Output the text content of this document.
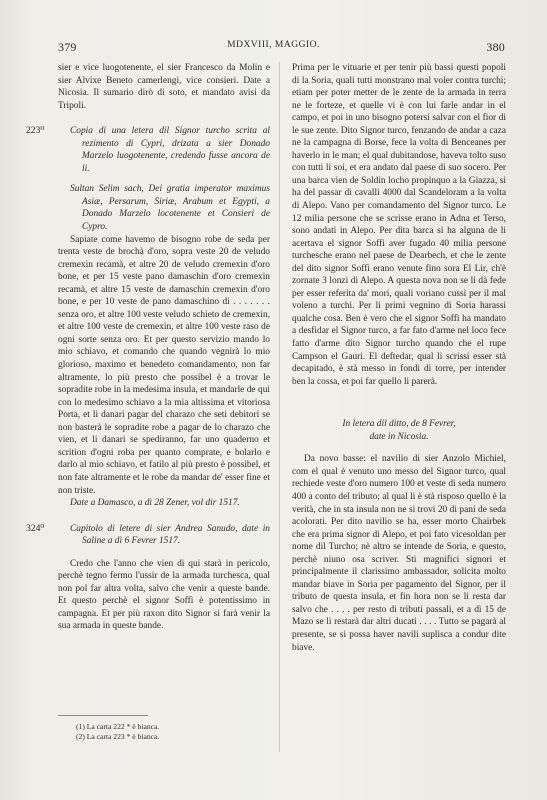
379	MDXVIII, MAGGIO.	380

sier e vice luogotenente, el sier Francesco da Molin e sier Alvixe Beneto camerlengi, vice consieri. Date a Nicosia. Il sumario dirò di soto, et mandato avisi da Tripoli.

223⁰	Copia di una letera dil Signor turcho scrita al rezimento di Cypri, drizata a sier Donado Marzelo luogotenente, credendo fusse ancora de li.

Sultan Selim sach, Dei gratia imperator maximus Asiæ, Persarum, Siriæ, Arabum et Egypti, a Donado Marzelo locotenente et Consieri de Cypro.

Sapiate come havemo de bisogno robe de seda per trenta veste de brochà d'oro, sopra veste 20 de veludo cremexin recamà, et altre 20 de veludo cremexin d'oro bone, et per 15 veste pano damaschin d'oro cremexin recamà, et altre 15 veste de damaschin cremexin d'oro bone, e per 10 veste de pano damaschino di . . . . . . . senza oro, et altre 100 veste veludo schieto de cremexin, et altre 100 veste de cremexin, et altre 100 veste raso de ogni sorte senza oro. Et per questo servizio mando lo mio schiavo, et comando che quando vegnirà lo mio glorioso, maximo et benedeto comandamento, non far altramente, lo più presto che possibel è a trovar le sopradite robe in la medesima insula, et mandarle de qui con lo medesimo schiavo a la mia altissima et vitoriosa Porta, et li danari pagar del charazo che seti debitori se non basterà le sopradite robe a pagar de lo charazo che vien, et li danari se spediranno, far uno quaderno et scrition d'ogni roba per quanto comprate, e bolarlo e darlo al mio schiavo, et fatilo al più presto è possibel, et non fate altramente et le robe da mandar de' esser fine et non triste.

Date a Damasco, a dì 28 Zener, vol dir 1517.

324⁰	Capitolo di letere di sier Andrea Sanudo, date in Saline a dì 6 Fevrer 1517.

Credo che l'anno che vien di qui starà in pericolo, perchè tegno fermo l'ussir de la armada turchesca, qual non pol far altra volta, salvo che venir a queste bande. Et questo perchè el signor Soffì è potentissimo in campagna. Et per più raxon dito Signor si farà venir la sua armada in queste bande.

(1) La carta 222 * è bianca.
(2) La carta 223 * è bianca.

Prima per le vituarie et per tenir più bassi questi popoli di la Soria, quali tutti monstrano mal voler contra turchi; etiam per poter metter de le zente de la armada in terra ne le forteze, et quelle vi è con lui farle andar in el campo, et poi in uno bisogno potersi salvar con el fior di le sue zente. Dito Signor turco, fenzando de andar a caza ne la campagna di Borse, fece la volta di Benceanes per haverlo in le man; el qual dubitandose, haveva tolto suso con tutti li soi, et era andato dal paese di suo socero. Per una barca vien de Soldin locho propinquo a la Giazza, si ha del passar di cavalli 4000 dal Scandeloram a la volta di Alepo. Vano per comandamento del Signor turco. Le 12 milia persone che se scrisse erano in Adna et Terso, sono andati in Alepo. Per dita barca si ha alguna de li acertava el signor Soffì aver fugado 40 milia persone turchesche erano nel paese de Dearbech, et che le zente del dito signor Soffì erano venute fino sora El Lir, ch'è zornate 3 lonzi di Alepo. A questa nova non se li dà fede per esser referita da' mori, quali voriano cussì per il mal voleno a turchi. Per li primi vegnino di Soria harassi qualche cosa. Ben è vero che el signor Soffì ha mandato a desfidar el Signor turco, a far fato d'arme nel loco fece fatto d'arme dito Signor turcho quando che el rupe Campson el Gauri. El deftedar, qual li scrissi esser stà decapitado, è stà messo in fondi di torre, per intender ben la cossa, et poi far quello li parerà.

In letera dil ditto, de 8 Fevrer,

date in Nicosia.

Da novo basse: el navilio di sier Anzolo Michiel, com el qual è venuto uno messo del Signor turco, qual rechiede veste d'oro numero 100 et veste di seda numero 400 a conto del tributo; al qual li è stà risposo quello è la verità, che in sta insula non ne si trovi 20 di pani de seda acolorati. Per dito navilio se ha, esser morto Chairbek che era prima signor di Alepo, et poi fato vicesoldan per nome dil Turcho; nè altro se intende de Soria, e questo, perchè niuno osa scriver. Sti magnifici signori et principalmente il clarissimo ambassador, solicita molto mandar biave in Soria per pagamento del Signor, per il tributo de questa insula, et fin hora non se li resta dar salvo che . . . . per resto di tributi passali, et a dì 15 de Mazo se li restarà dar altri ducati . . . . Tutto se pagarà al presente, se si possa haver navili suplisca a condur dite biave.
